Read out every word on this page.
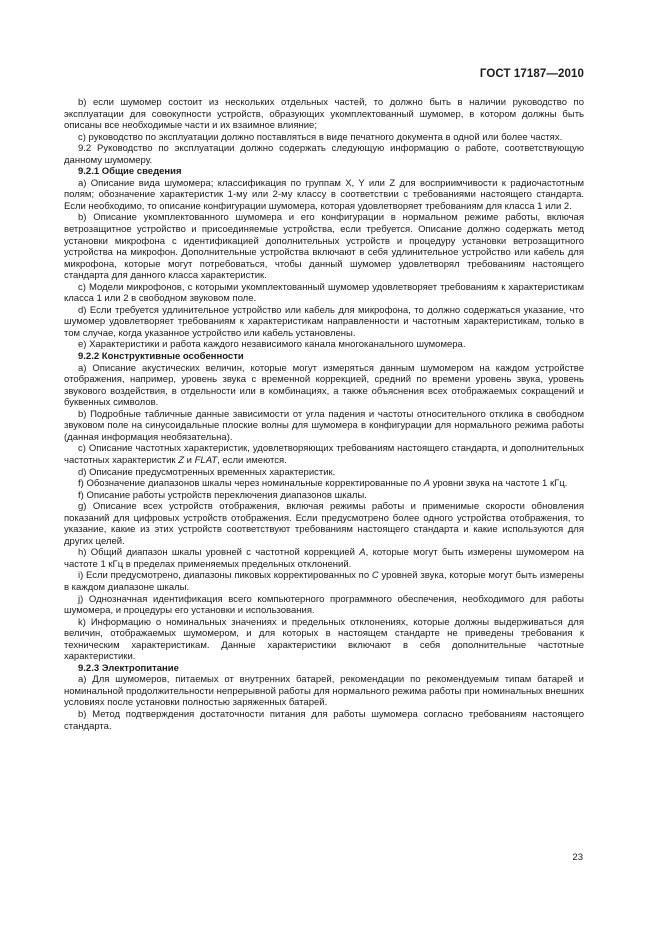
ГОСТ 17187—2010

b) если шумомер состоит из нескольких отдельных частей, то должно быть в наличии руководство по эксплуатации для совокупности устройств, образующих укомплектованный шумомер, в котором должны быть описаны все необходимые части и их взаимное влияние;

c) руководство по эксплуатации должно поставляться в виде печатного документа в одной или более частях.

9.2 Руководство по эксплуатации должно содержать следующую информацию о работе, соответствующую данному шумомеру.

9.2.1 Общие сведения

а) Описание вида шумомера; классификация по группам X, Y или Z для восприимчивости к радиочастотным полям; обозначение характеристик 1-му или 2-му классу в соответствии с требованиями настоящего стандарта. Если необходимо, то описание конфигурации шумомера, которая удовлетворяет требованиям для класса 1 или 2.

b) Описание укомплектованного шумомера и его конфигурации в нормальном режиме работы, включая ветрозащитное устройство и присоединяемые устройства, если требуется. Описание должно содержать метод установки микрофона с идентификацией дополнительных устройств и процедуру установки ветрозащитного устройства на микрофон. Дополнительные устройства включают в себя удлинительное устройство или кабель для микрофона, которые могут потребоваться, чтобы данный шумомер удовлетворял требованиям настоящего стандарта для данного класса характеристик.

c) Модели микрофонов, с которыми укомплектованный шумомер удовлетворяет требованиям к характеристикам класса 1 или 2 в свободном звуковом поле.

d) Если требуется удлинительное устройство или кабель для микрофона, то должно содержаться указание, что шумомер удовлетворяет требованиям к характеристикам направленности и частотным характеристикам, только в том случае, когда указанное устройство или кабель установлены.

e) Характеристики и работа каждого независимого канала многоканального шумомера.

9.2.2 Конструктивные особенности

a) Описание акустических величин, которые могут измеряться данным шумомером на каждом устройстве отображения, например, уровень звука с временной коррекцией, средний по времени уровень звука, уровень звукового воздействия, в отдельности или в комбинациях, а также объяснения всех отображаемых сокращений и буквенных символов.

b) Подробные табличные данные зависимости от угла падения и частоты относительного отклика в свободном звуковом поле на синусоидальные плоские волны для шумомера в конфигурации для нормального режима работы (данная информация необязательна).

c) Описание частотных характеристик, удовлетворяющих требованиям настоящего стандарта, и дополнительных частотных характеристик Z и FLAT, если имеются.

d) Описание предусмотренных временных характеристик.

f) Обозначение диапазонов шкалы через номинальные корректированные по A уровни звука на частоте 1 кГц.

f) Описание работы устройств переключения диапазонов шкалы.

g) Описание всех устройств отображения, включая режимы работы и применимые скорости обновления показаний для цифровых устройств отображения. Если предусмотрено более одного устройства отображения, то указание, какие из этих устройств соответствуют требованиям настоящего стандарта и какие используются для других целей.

h) Общий диапазон шкалы уровней с частотной коррекцией A, которые могут быть измерены шумомером на частоте 1 кГц в пределах применяемых предельных отклонений.

i) Если предусмотрено, диапазоны пиковых корректированных по C уровней звука, которые могут быть измерены в каждом диапазоне шкалы.

j) Однозначная идентификация всего компьютерного программного обеспечения, необходимого для работы шумомера, и процедуры его установки и использования.

k) Информацию о номинальных значениях и предельных отклонениях, которые должны выдерживаться для величин, отображаемых шумомером, и для которых в настоящем стандарте не приведены требования к техническим характеристикам. Данные характеристики включают в себя дополнительные частотные характеристики.

9.2.3 Электропитание

а) Для шумомеров, питаемых от внутренних батарей, рекомендации по рекомендуемым типам батарей и номинальной продолжительности непрерывной работы для нормального режима работы при номинальных внешних условиях после установки полностью заряженных батарей.

b) Метод подтверждения достаточности питания для работы шумомера согласно требованиям настоящего стандарта.

23
